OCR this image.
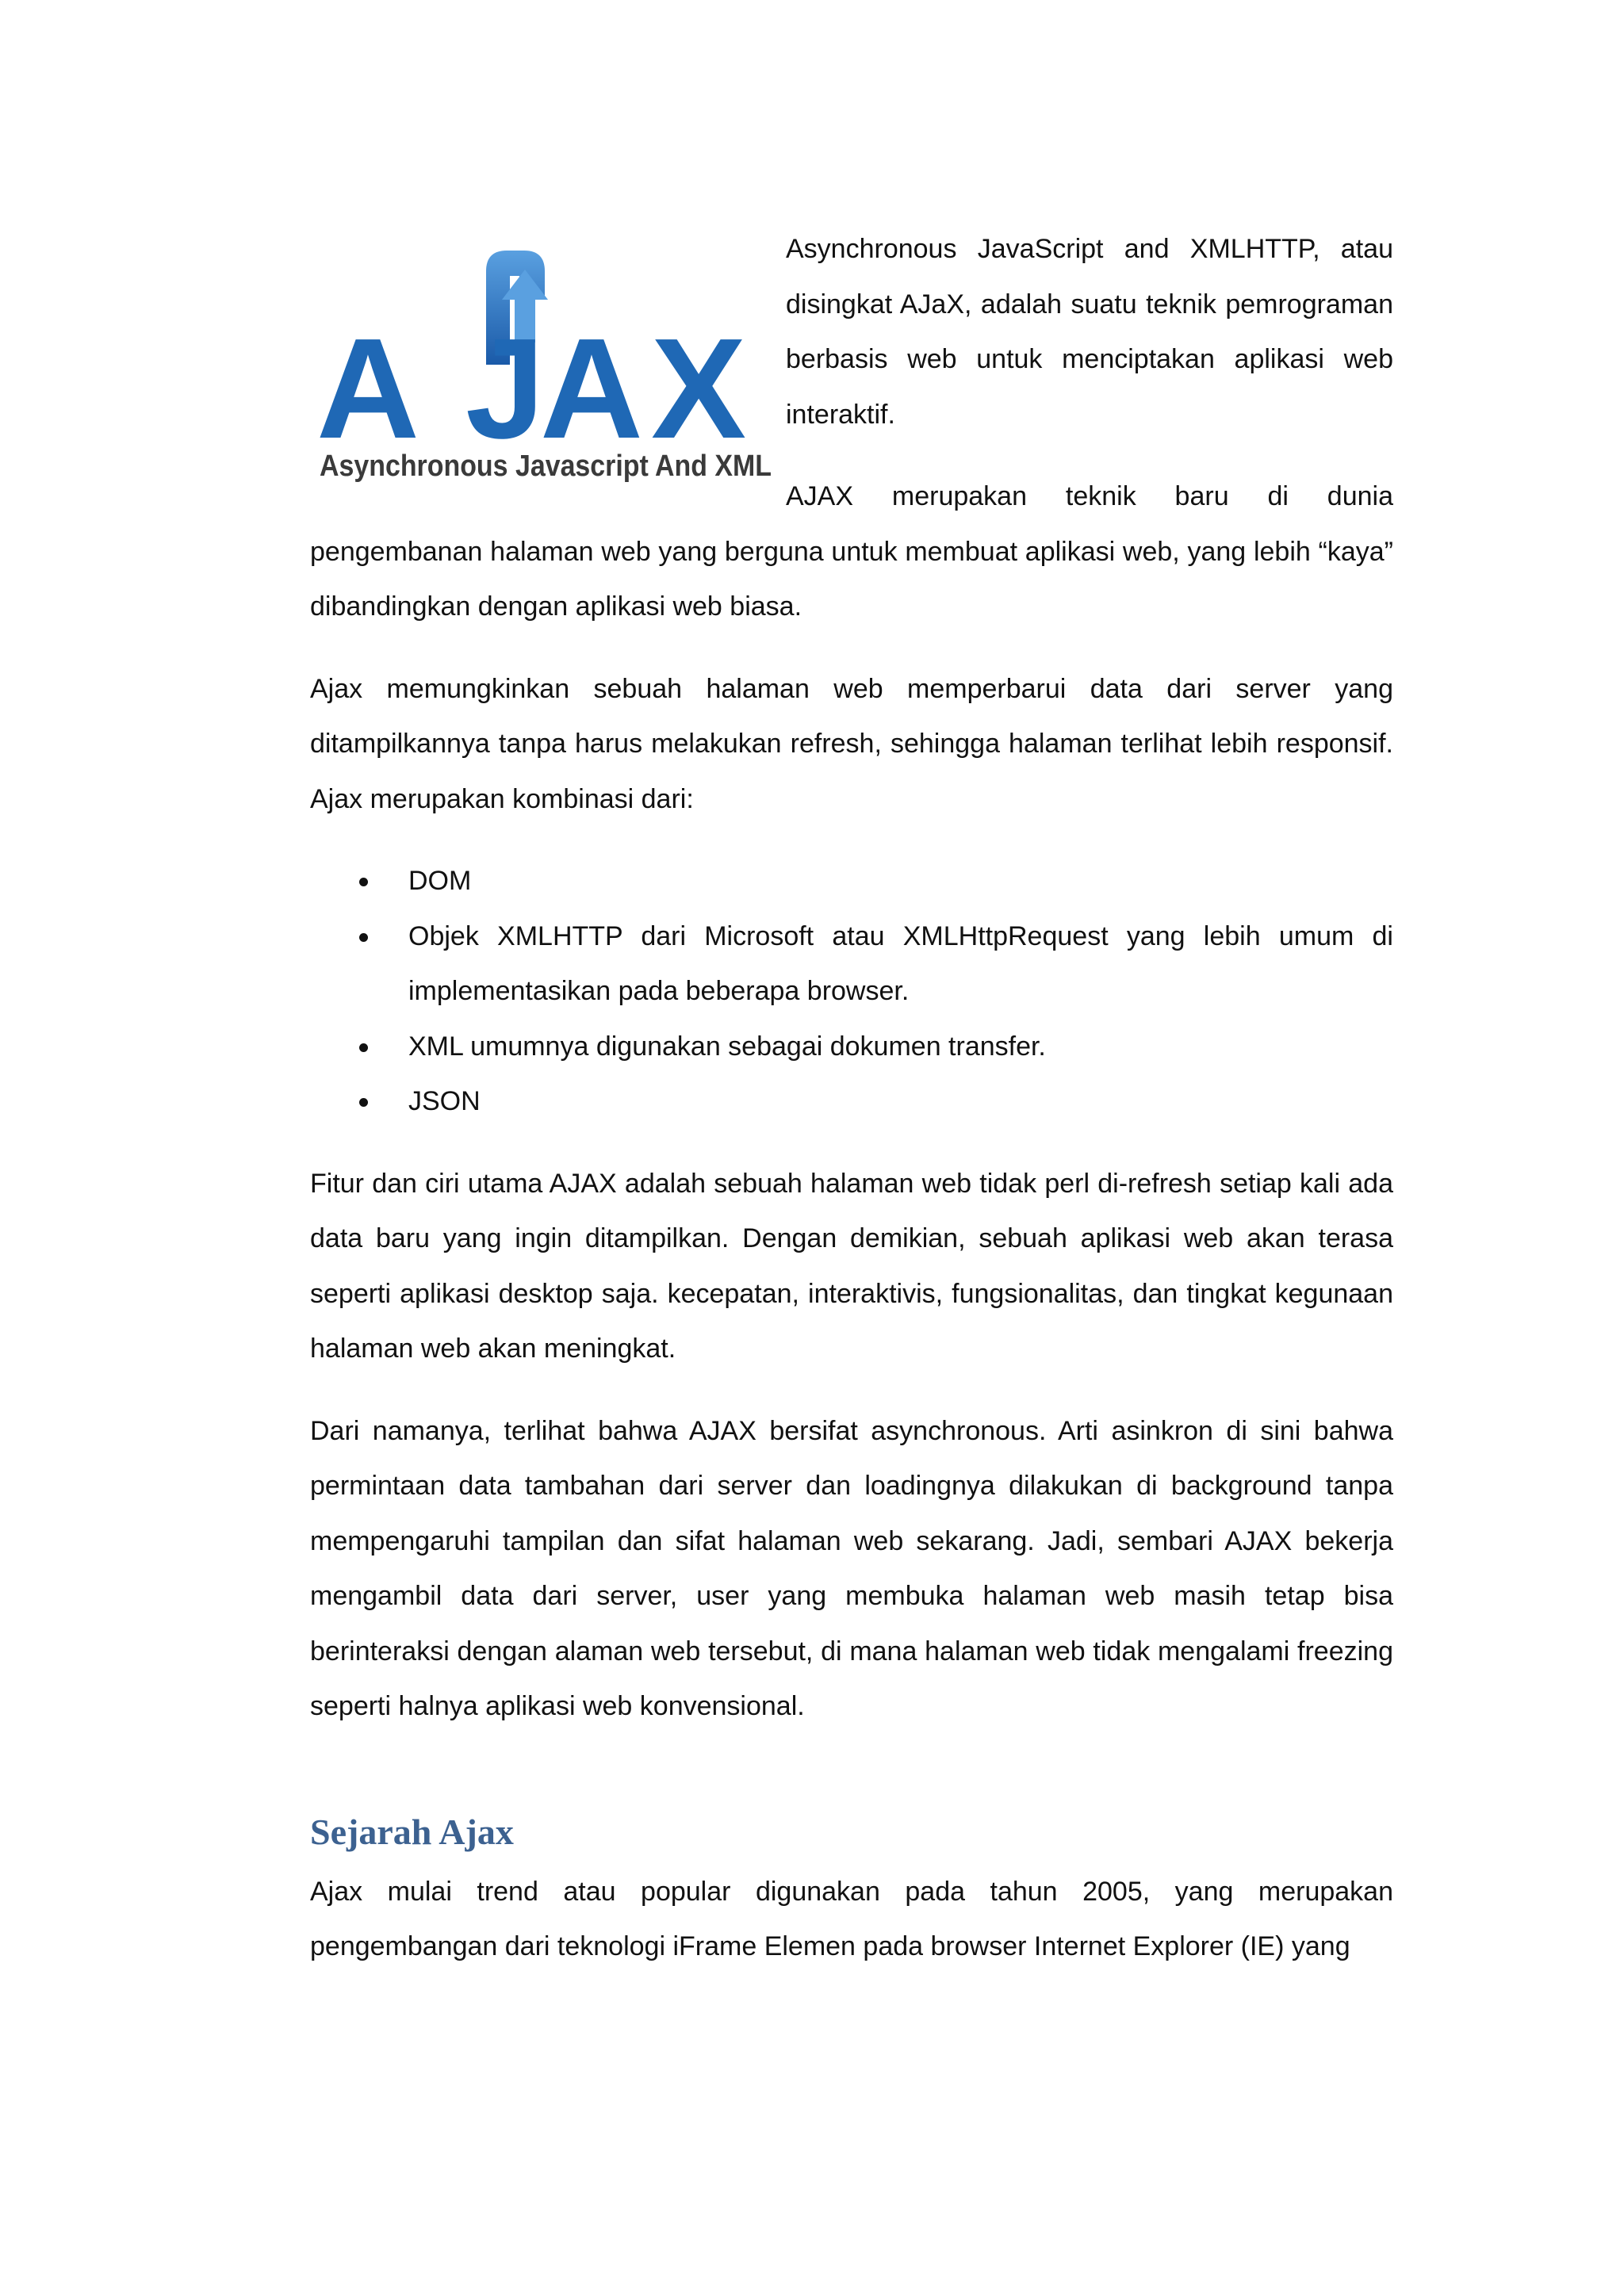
A J
A X
Asynchronous Javascript And XML

Asynchronous JavaScript and XMLHTTP, atau disingkat AJaX, adalah suatu teknik pemrograman berbasis web untuk menciptakan aplikasi web interaktif.

AJAX merupakan teknik baru di dunia pengembanan halaman web yang berguna untuk membuat aplikasi web, yang lebih “kaya” dibandingkan dengan aplikasi web biasa.

Ajax memungkinkan sebuah halaman web memperbarui data dari server yang ditampilkannya tanpa harus melakukan refresh, sehingga halaman terlihat lebih responsif. Ajax merupakan kombinasi dari:

DOM
Objek XMLHTTP dari Microsoft atau XMLHttpRequest yang lebih umum di implementasikan pada beberapa browser.
XML umumnya digunakan sebagai dokumen transfer.
JSON

Fitur dan ciri utama AJAX adalah sebuah halaman web tidak perl di-refresh setiap kali ada data baru yang ingin ditampilkan. Dengan demikian, sebuah aplikasi web akan terasa seperti aplikasi desktop saja. kecepatan, interaktivis, fungsionalitas, dan tingkat kegunaan halaman web akan meningkat.

Dari namanya, terlihat bahwa AJAX bersifat asynchronous. Arti asinkron di sini bahwa permintaan data tambahan dari server dan loadingnya dilakukan di background tanpa mempengaruhi tampilan dan sifat halaman web sekarang. Jadi, sembari AJAX bekerja mengambil data dari server, user yang membuka halaman web masih tetap bisa berinteraksi dengan alaman web tersebut, di mana halaman web tidak mengalami freezing seperti halnya aplikasi web konvensional.

Sejarah Ajax

Ajax mulai trend atau popular digunakan pada tahun 2005, yang merupakan pengembangan dari teknologi iFrame Elemen pada browser Internet Explorer (IE) yang
